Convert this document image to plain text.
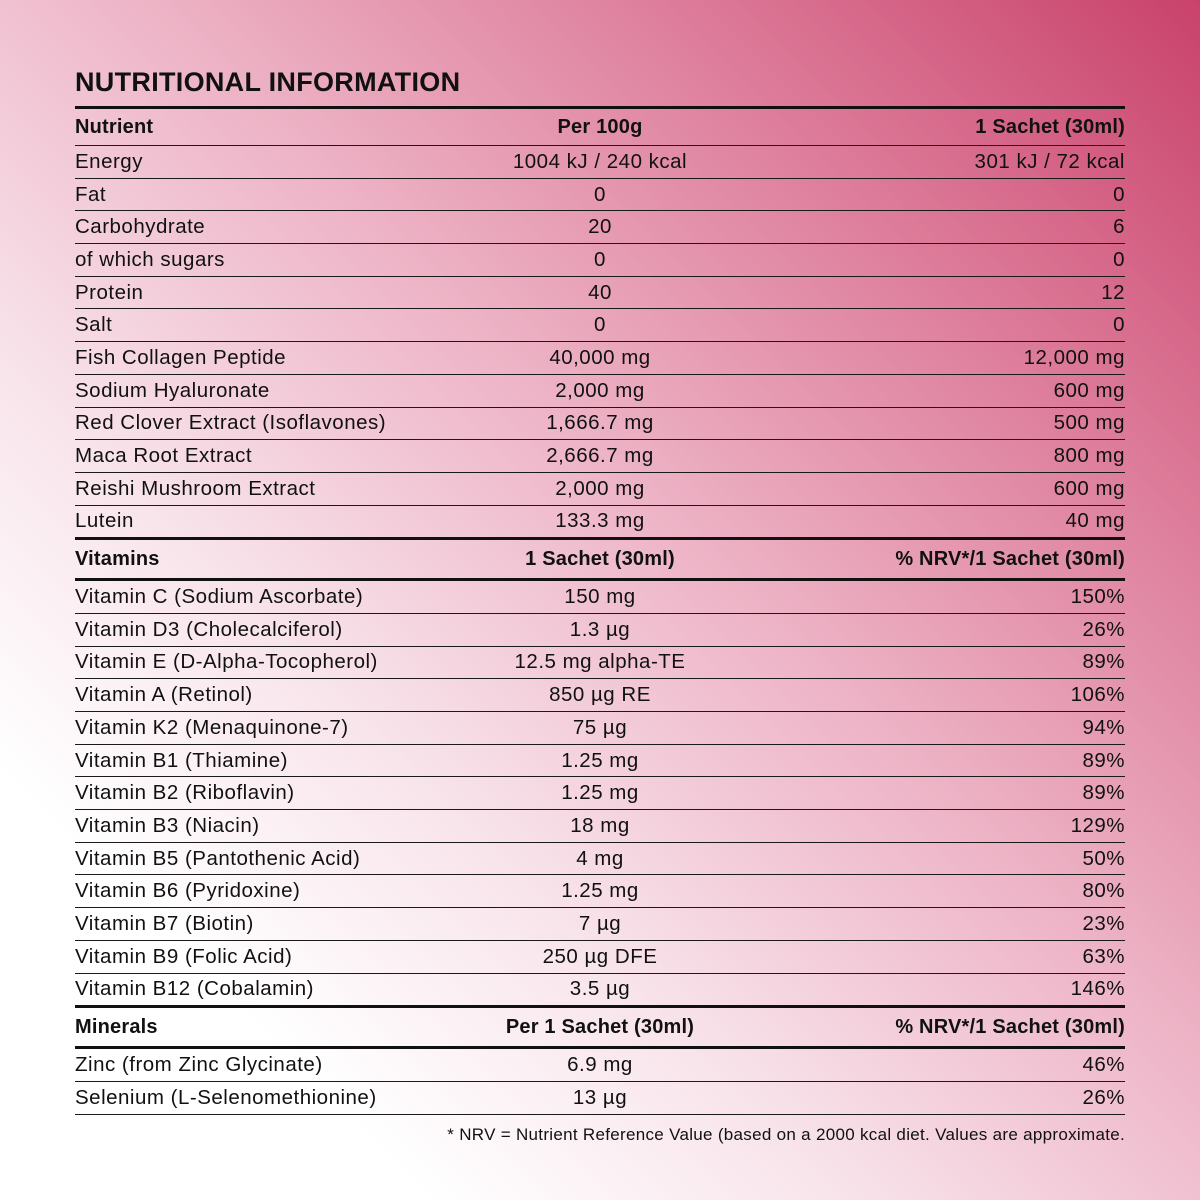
NUTRITIONAL INFORMATION
Nutrient	Per 100g	1 Sachet (30ml)
Energy	1004 kJ / 240 kcal	301 kJ / 72 kcal
Fat	0	0
Carbohydrate	20	6
of which sugars	0	0
Protein	40	12
Salt	0	0
Fish Collagen Peptide	40,000 mg	12,000 mg
Sodium Hyaluronate	2,000 mg	600 mg
Red Clover Extract (Isoflavones)	1,666.7 mg	500 mg
Maca Root Extract	2,666.7 mg	800 mg
Reishi Mushroom Extract	2,000 mg	600 mg
Lutein	133.3 mg	40 mg
Vitamins	1 Sachet (30ml)	% NRV*/1 Sachet (30ml)
Vitamin C (Sodium Ascorbate)	150 mg	150%
Vitamin D3 (Cholecalciferol)	1.3 µg	26%
Vitamin E (D-Alpha-Tocopherol)	12.5 mg alpha-TE	89%
Vitamin A (Retinol)	850 µg RE	106%
Vitamin K2 (Menaquinone-7)	75 µg	94%
Vitamin B1 (Thiamine)	1.25 mg	89%
Vitamin B2 (Riboflavin)	1.25 mg	89%
Vitamin B3 (Niacin)	18 mg	129%
Vitamin B5 (Pantothenic Acid)	4 mg	50%
Vitamin B6 (Pyridoxine)	1.25 mg	80%
Vitamin B7 (Biotin)	7 µg	23%
Vitamin B9 (Folic Acid)	250 µg DFE	63%
Vitamin B12 (Cobalamin)	3.5 µg	146%
Minerals	Per 1 Sachet (30ml)	% NRV*/1 Sachet (30ml)
Zinc (from Zinc Glycinate)	6.9 mg	46%
Selenium (L-Selenomethionine)	13 µg	26%
* NRV = Nutrient Reference Value (based on a 2000 kcal diet. Values are approximate.
